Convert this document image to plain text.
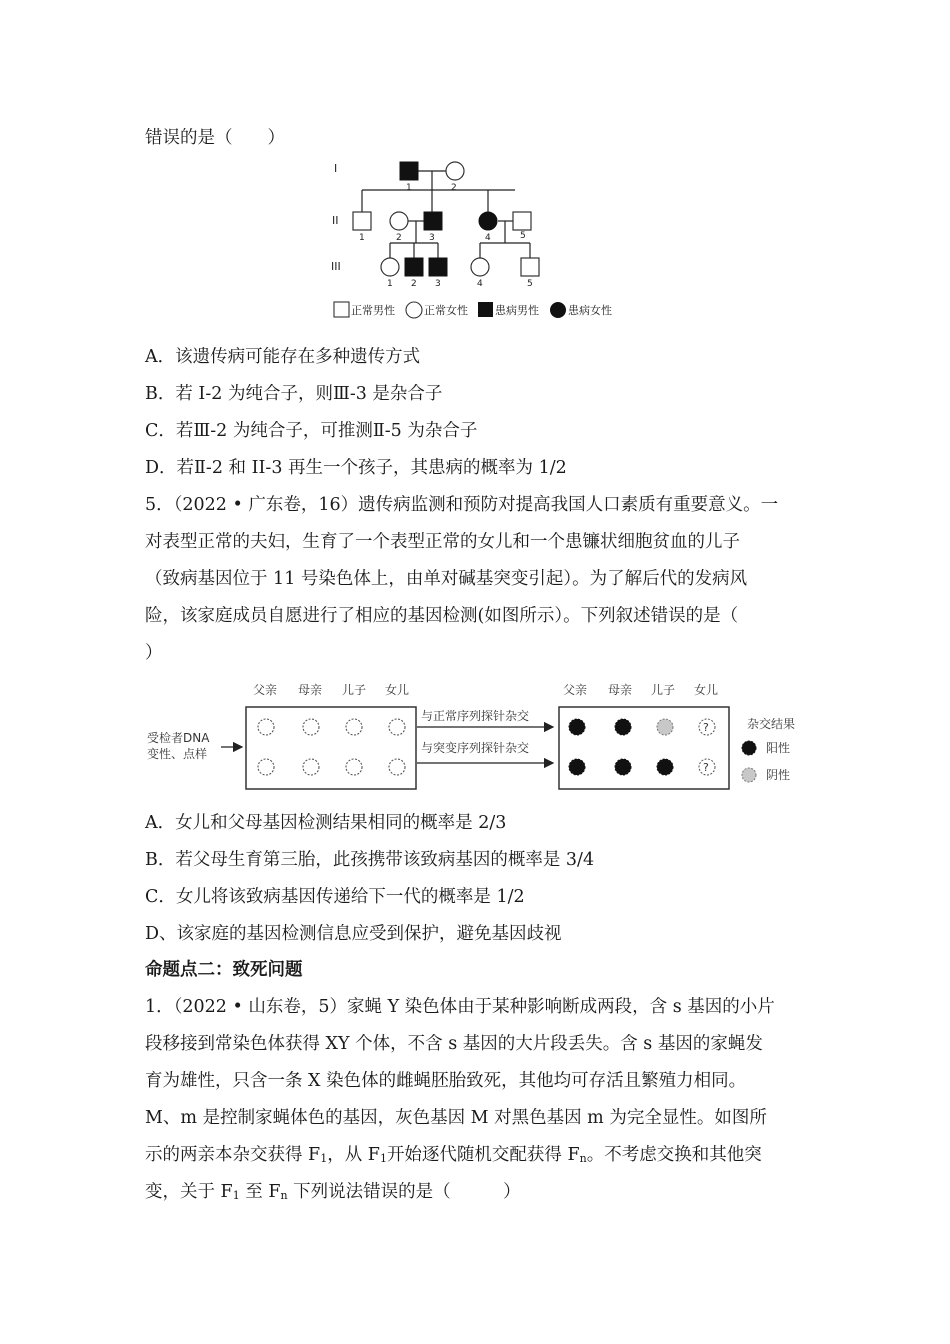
错误的是（　　）
I
II
III
1	2
1	2	3	4	5
1 2 3	4	5
正常男性	正常女性 患病男性	患病女性
A．该遗传病可能存在多种遗传方式
B．若 I-2 为纯合子，则Ⅲ-3 是杂合子
C．若Ⅲ-2 为纯合子，可推测Ⅱ-5 为杂合子
D．若Ⅱ-2 和 II-3 再生一个孩子，其患病的概率为 1/2
5．（2022 • 广东卷，16）遗传病监测和预防对提高我国人口素质有重要意义。一
对表型正常的夫妇，生育了一个表型正常的女儿和一个患镰状细胞贫血的儿子
（致病基因位于 11 号染色体上，由单对碱基突变引起）。为了解后代的发病风
险，该家庭成员自愿进行了相应的基因检测(如图所示）。下列叙述错误的是（
）
父亲 母亲 儿子 女儿
受检者DNA
变性、点样
与正常序列探针杂交
与突变序列探针杂交
父亲 母亲 儿子 女儿
?
?
杂交结果
阳性
阴性
A．女儿和父母基因检测结果相同的概率是 2/3
B．若父母生育第三胎，此孩携带该致病基因的概率是 3/4
C．女儿将该致病基因传递给下一代的概率是 1/2
D、该家庭的基因检测信息应受到保护，避免基因歧视
命题点二：致死问题
1．（2022 • 山东卷，5）家蝇 Y 染色体由于某种影响断成两段，含 s 基因的小片
段移接到常染色体获得 XY 个体，不含 s 基因的大片段丢失。含 s 基因的家蝇发
育为雄性，只含一条 X 染色体的雌蝇胚胎致死，其他均可存活且繁殖力相同。
M、m 是控制家蝇体色的基因，灰色基因 M 对黑色基因 m 为完全显性。如图所
示的两亲本杂交获得 $F_1$，从 $F_1$开始逐代随机交配获得 $F_n$。不考虑交换和其他突
变，关于 $F_1$ 至 $F_n$ 下列说法错误的是（　　　）
